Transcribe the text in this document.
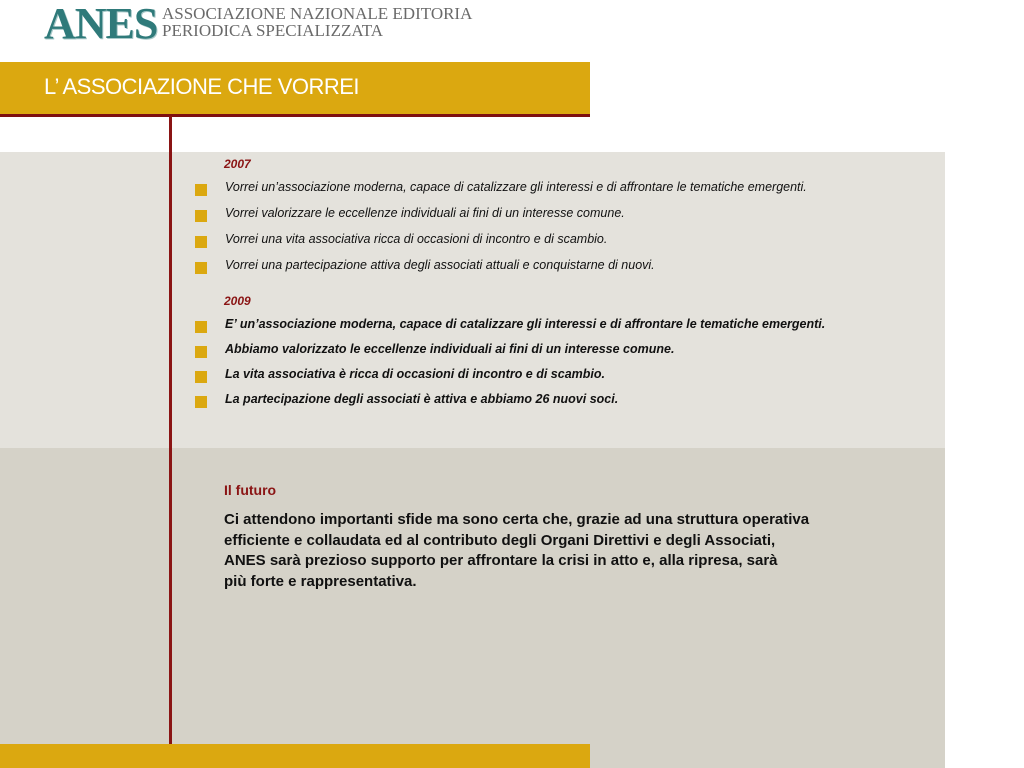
ANES ASSOCIAZIONE NAZIONALE EDITORIA
PERIODICA SPECIALIZZATA
L’ ASSOCIAZIONE CHE VORREI
2007
Vorrei un’associazione moderna, capace di catalizzare gli interessi e di affrontare le tematiche emergenti.
Vorrei valorizzare le eccellenze individuali ai fini di un interesse comune.
Vorrei una vita associativa ricca di occasioni di incontro e di scambio.
Vorrei una partecipazione attiva degli associati attuali e conquistarne di nuovi.
2009
E’ un’associazione moderna, capace di catalizzare gli interessi e di affrontare le tematiche emergenti.
Abbiamo valorizzato le eccellenze individuali ai fini di un interesse comune.
La vita associativa è ricca di occasioni di incontro e di scambio.
La partecipazione degli associati è attiva e abbiamo 26 nuovi soci.
Il futuro
Ci attendono importanti sfide ma sono certa che, grazie ad una struttura operativa
efficiente e collaudata ed al contributo degli Organi Direttivi e degli Associati,
ANES sarà prezioso supporto per affrontare la crisi in atto e, alla ripresa, sarà
più forte e rappresentativa.
